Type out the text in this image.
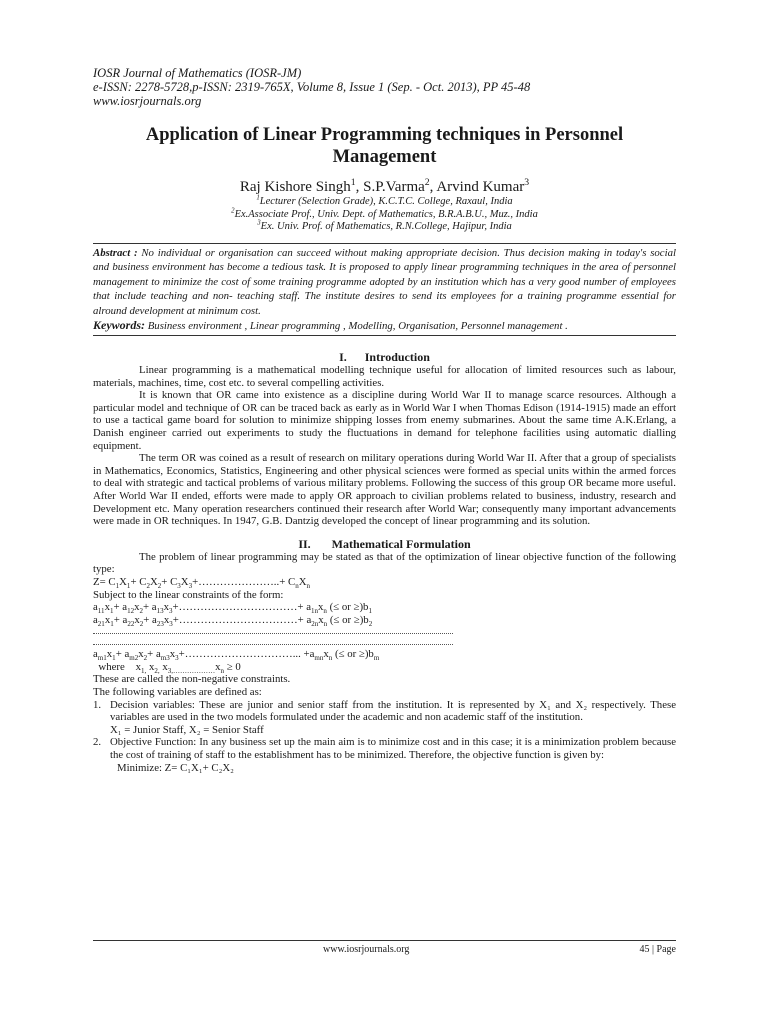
IOSR Journal of Mathematics (IOSR-JM)
e-ISSN: 2278-5728,p-ISSN: 2319-765X, Volume 8, Issue 1 (Sep. - Oct. 2013), PP 45-48
www.iosrjournals.org
Application of Linear Programming techniques in Personnel Management
Raj Kishore Singh$^1$, S.P.Varma$^2$, Arvind Kumar$^3$
$^1$Lecturer (Selection Grade), K.C.T.C. College, Raxaul, India
$^2$Ex.Associate Prof., Univ. Dept. of Mathematics, B.R.A.B.U., Muz., India
$^3$Ex. Univ. Prof. of Mathematics, R.N.College, Hajipur, India
Abstract : No individual or organisation can succeed without making appropriate decision. Thus decision making in today's social and business environment has become a tedious task. It is proposed to apply linear programming techniques in the area of personnel management to minimize the cost of some training programme adopted by an institution which has a very good number of employees that include teaching and non- teaching staff. The institute desires to send its employees for a training programme essential for alround development at minimum cost.
Keywords: Business environment , Linear programming , Modelling, Organisation, Personnel management .
I.      Introduction

Linear programming is a mathematical modelling technique useful for allocation of limited resources such as labour, materials, machines, time, cost etc. to several compelling activities.

It is known that OR came into existence as a discipline during World War II to manage scarce resources. Although a particular model and technique of OR can be traced back as early as in World War I when Thomas Edison (1914-1915) made an effort to use a tactical game board for solution to minimize shipping losses from enemy submarines. About the same time A.K.Erlang, a Danish engineer carried out experiments to study the fluctuations in demand for telephone facilities using automatic dialling equipment.

The term OR was coined as a result of research on military operations during World War II. After that a group of specialists in Mathematics, Economics, Statistics, Engineering and other physical sciences were formed as special units within the armed forces to deal with strategic and tactical problems of various military problems. Following the success of this group OR became more useful. After World War II ended, efforts were made to apply OR approach to civilian problems related to business, industry, research and Development etc. Many operation researchers continued their research after World War; consequently many important advancements were made in OR techniques. In 1947, G.B. Dantzig developed the concept of linear programming and its solution.

II.       Mathematical Formulation

The problem of linear programming may be stated as that of the optimization of linear objective function of the following type:

$Z= C_1X_1+ C_2X_2+$ $C_3X_3+\dots\dots\dots\dots\dots\dots\dots..+ C_nX_n$
Subject to the linear constraints of the form:
$a_{11}x_1+ a_{12}x_2+$ $a_{13}x_3+\dots\dots\dots\dots\dots\dots\dots\dots\dots\dots\dots+ a_{1n}x_n$ (≤ or $\ge)b_1$
$a_{21}x_1+ a_{22}x_2+$ $a_{23}x_3+\dots\dots\dots\dots\dots\dots\dots\dots\dots\dots\dots+ a_{2n}x_n$ (≤ or $\ge)b_2$
$a_{m1}x_1+ a_{m2}x_2+$ $a_{m3}x_3+\dots\dots\dots\dots\dots\dots\dots\dots\dots\dots$... $+a_{mn}x_n$ (≤ or $\ge)b_m$
where    $x_{1,}$ $x_{2,}$ $x_{3,\dots\dots\dots\dots\dots\dots}x_n \ge 0$
These are called the non-negative constraints.
The following variables are defined as:
1. Decision variables: These are junior and senior staff from the institution. It is represented by X₁ and X₂ respectively. These variables are used in the two models formulated under the academic and non academic staff of the institution.
X₁ = Junior Staff, X₂ = Senior Staff
2. Objective Function: In any business set up the main aim is to minimize cost and in this case; it is a minimization problem because the cost of training of staff to the establishment has to be minimized. Therefore, the objective function is given by:
Minimize: Z= C₁X₁+ C₂X₂
www.iosrjournals.org	45 | Page
